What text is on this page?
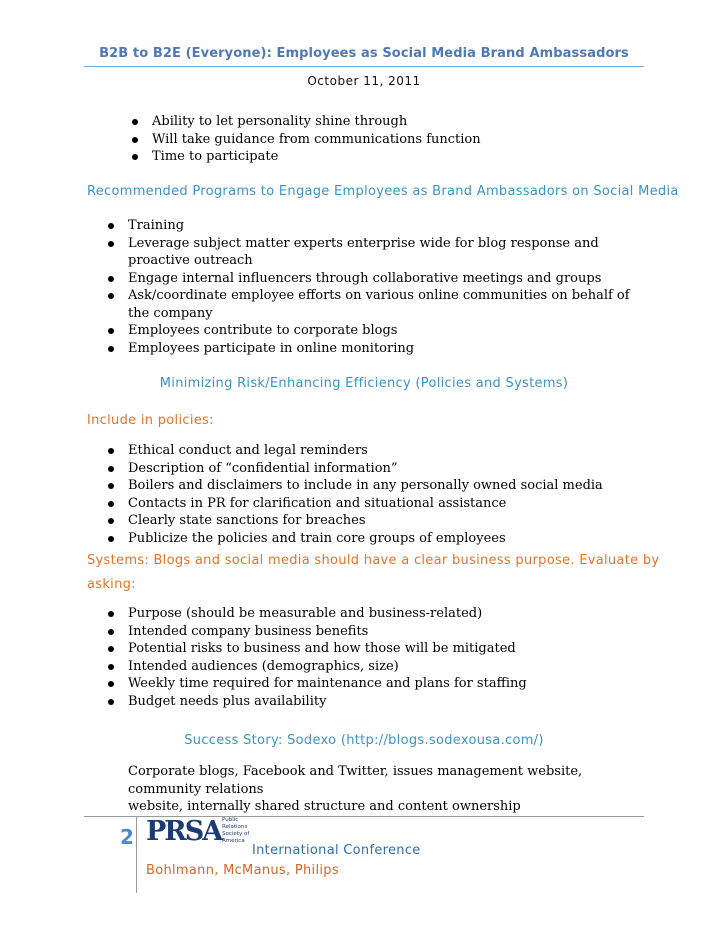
B2B to B2E (Everyone): Employees as Social Media Brand Ambassadors
October 11, 2011
Ability to let personality shine through
Will take guidance from communications function
Time to participate
Recommended Programs to Engage Employees as Brand Ambassadors on Social Media
Training
Leverage subject matter experts enterprise wide for blog response and proactive outreach
Engage internal influencers through collaborative meetings and groups
Ask/coordinate employee efforts on various online communities on behalf of the company
Employees contribute to corporate blogs
Employees participate in online monitoring
Minimizing Risk/Enhancing Efficiency (Policies and Systems)
Include in policies:
Ethical conduct and legal reminders
Description of “confidential information”
Boilers and disclaimers to include in any personally owned social media
Contacts in PR for clarification and situational assistance
Clearly state sanctions for breaches
Publicize the policies and train core groups of employees
Systems: Blogs and social media should have a clear business purpose. Evaluate by
asking:
Purpose (should be measurable and business-related)
Intended company business benefits
Potential risks to business and how those will be mitigated
Intended audiences (demographics, size)
Weekly time required for maintenance and plans for staffing
Budget needs plus availability
Success Story: Sodexo (http://blogs.sodexousa.com/)
Corporate blogs, Facebook and Twitter, issues management website, community relations
website, internally shared structure and content ownership
2 PRSA Public
Relations
Society of
America
International Conference
Bohlmann, McManus, Philips
